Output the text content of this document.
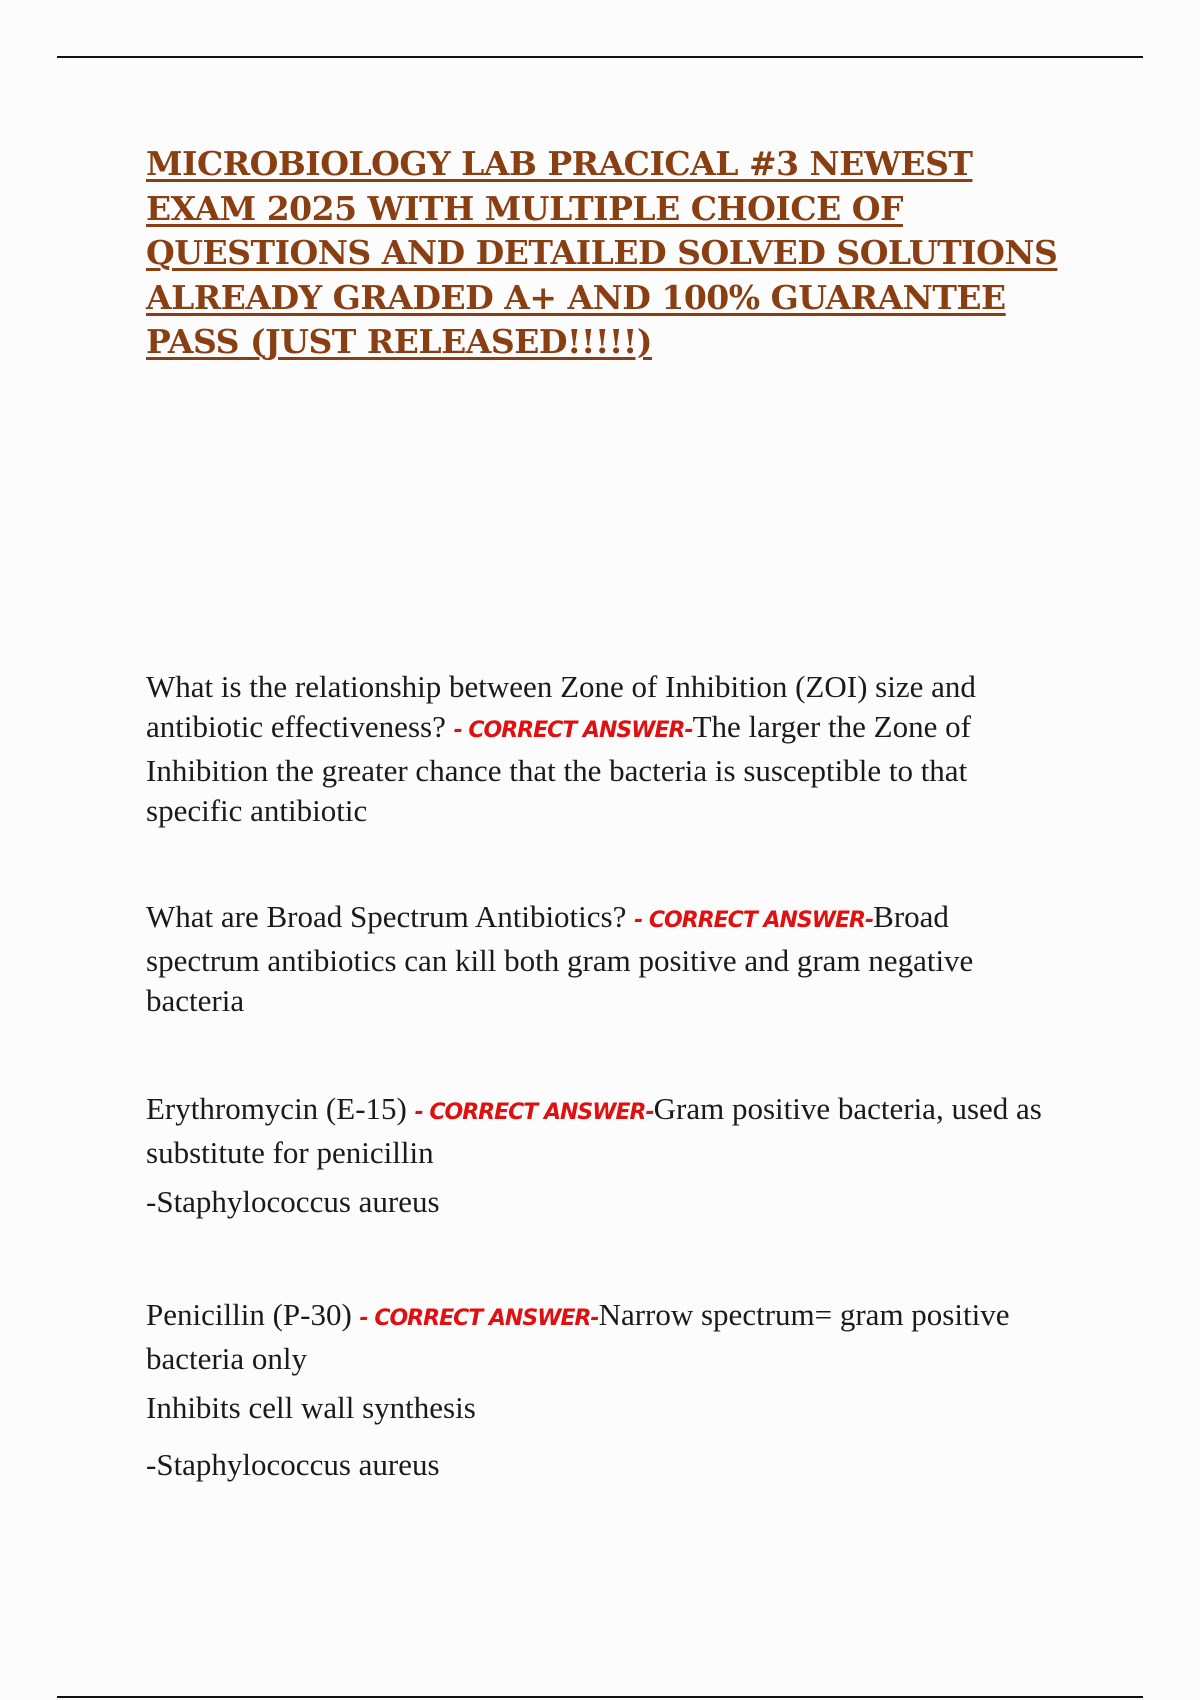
MICROBIOLOGY LAB PRACICAL #3 NEWEST EXAM 2025 WITH MULTIPLE CHOICE OF QUESTIONS AND DETAILED SOLVED SOLUTIONS ALREADY GRADED A+ AND 100% GUARANTEE PASS (JUST RELEASED!!!!!)

What is the relationship between Zone of Inhibition (ZOI) size and antibiotic effectiveness? - CORRECT ANSWER-The larger the Zone of Inhibition the greater chance that the bacteria is susceptible to that specific antibiotic

What are Broad Spectrum Antibiotics? - CORRECT ANSWER-Broad spectrum antibiotics can kill both gram positive and gram negative bacteria

Erythromycin (E-15) - CORRECT ANSWER-Gram positive bacteria, used as substitute for penicillin

-Staphylococcus aureus

Penicillin (P-30) - CORRECT ANSWER-Narrow spectrum= gram positive bacteria only

Inhibits cell wall synthesis

-Staphylococcus aureus
